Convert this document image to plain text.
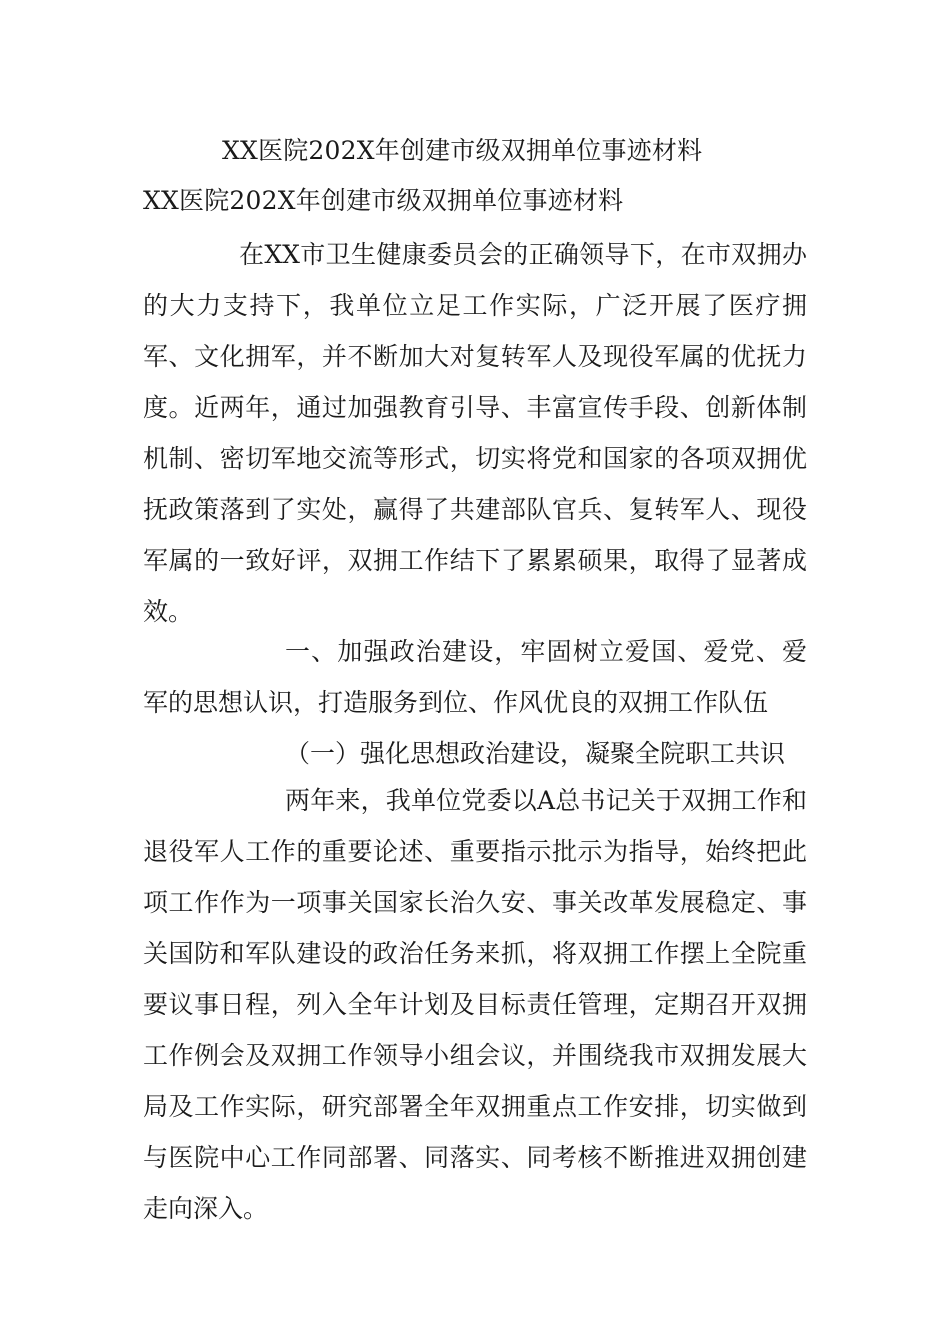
XX医院202X年创建市级双拥单位事迹材料
XX医院202X年创建市级双拥单位事迹材料

在XX市卫生健康委员会的正确领导下，在市双拥办的大力支持下，我单位立足工作实际，广泛开展了医疗拥军、文化拥军，并不断加大对复转军人及现役军属的优抚力度。近两年，通过加强教育引导、丰富宣传手段、创新体制机制、密切军地交流等形式，切实将党和国家的各项双拥优抚政策落到了实处，赢得了共建部队官兵、复转军人、现役军属的一致好评，双拥工作结下了累累硕果，取得了显著成效。

一、加强政治建设，牢固树立爱国、爱党、爱军的思想认识，打造服务到位、作风优良的双拥工作队伍

（一）强化思想政治建设，凝聚全院职工共识

两年来，我单位党委以A总书记关于双拥工作和退役军人工作的重要论述、重要指示批示为指导，始终把此项工作作为一项事关国家长治久安、事关改革发展稳定、事关国防和军队建设的政治任务来抓，将双拥工作摆上全院重要议事日程，列入全年计划及目标责任管理，定期召开双拥工作例会及双拥工作领导小组会议，并围绕我市双拥发展大局及工作实际，研究部署全年双拥重点工作安排，切实做到与医院中心工作同部署、同落实、同考核不断推进双拥创建走向深入。
